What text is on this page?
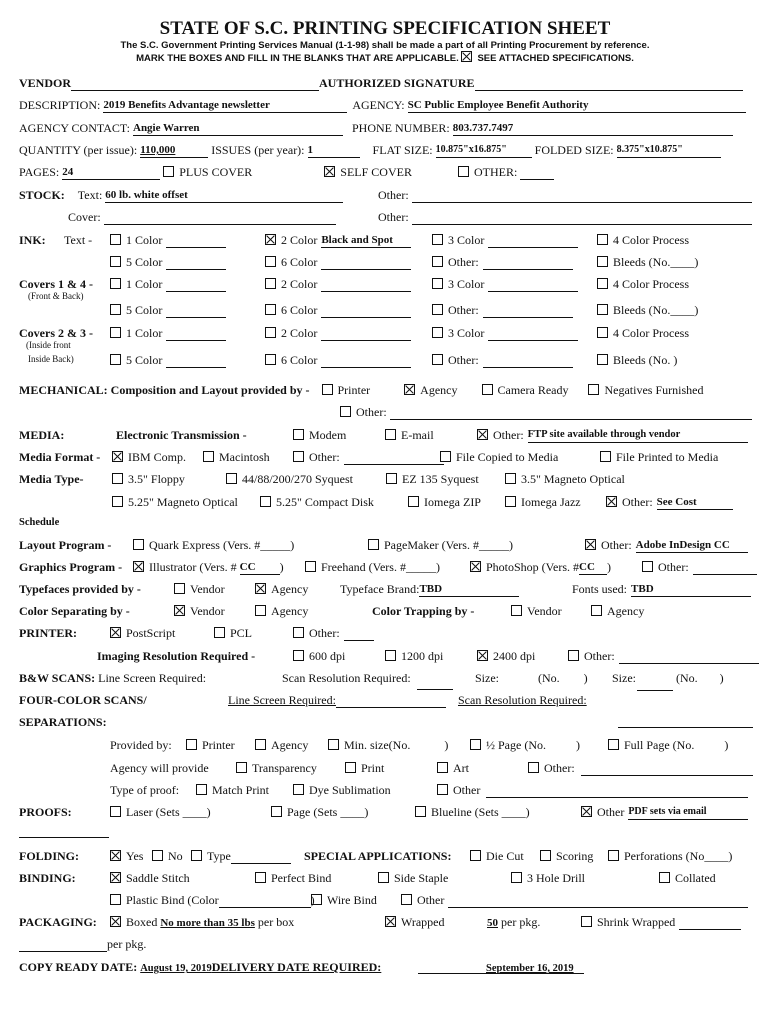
STATE OF S.C. PRINTING SPECIFICATION SHEET
The S.C. Government Printing Services Manual (1-1-98) shall be made a part of all Printing Procurement by reference.
MARK THE BOXES AND FILL IN THE BLANKS THAT ARE APPLICABLE. SEE ATTACHED SPECIFICATIONS.
VENDOR	AUTHORIZED SIGNATURE
DESCRIPTION: 2019 Benefits Advantage newsletter	AGENCY: SC Public Employee Benefit Authority
AGENCY CONTACT: Angie Warren	PHONE NUMBER: 803.737.7497
QUANTITY (per issue): 110,000	ISSUES (per year): 1	FLAT SIZE: 10.875"x16.875" FOLDED SIZE: 8.375"x10.875"
PAGES: 24	PLUS COVER	SELF COVER	OTHER:
STOCK: Text: 60 lb. white offset	Other:
Cover:	Other:
INK: Text -	1 Color	2 Color Black and Spot	3 Color	4 Color Process
5 Color	6 Color	Other:	Bleeds (No.____)
Covers 1 & 4 -
(Front & Back)
1 Color	2 Color	3 Color	4 Color Process
5 Color	6 Color	Other:	Bleeds (No.____)
Covers 2 & 3 -
(Inside front
Inside Back)
1 Color	2 Color	3 Color	4 Color Process
5 Color	6 Color	Other:	Bleeds (No. )
MECHANICAL: Composition and Layout provided by - Printer	Agency	Camera Ready	Negatives Furnished
Other:
MEDIA:	Electronic Transmission -	Modem	E-mail	Other: FTP site available through vendor
Media Format -	IBM Comp.	Macintosh	Other:	File Copied to Media	File Printed to Media
Media Type-	3.5" Floppy	44/88/200/270 Syquest	EZ 135 Syquest	3.5" Magneto Optical
5.25" Magneto Optical	5.25" Compact Disk	Iomega ZIP	Iomega Jazz	Other: See Cost
Schedule
Layout Program -	Quark Express (Vers. #_____)	PageMaker (Vers. #_____)	Other: Adobe InDesign CC
Graphics Program -	Illustrator (Vers. # CC )	Freehand (Vers. #_____)	PhotoShop (Vers. #CC )	Other:
Typefaces provided by -	Vendor	Agency	Typeface Brand:TBD	Fonts used: TBD
Color Separating by -	Vendor	Agency	Color Trapping by -	Vendor	Agency
PRINTER:	PostScript	PCL	Other:
Imaging Resolution Required -	600 dpi	1200 dpi	2400 dpi	Other:
B&W SCANS: Line Screen Required:	Scan Resolution Required:	Size:	(No. ) Size:	(No. )
FOUR-COLOR SCANS/	Line Screen Required:	Scan Resolution Required:
SEPARATIONS:
Provided by:	Printer	Agency	Min. size(No.	)	½ Page (No.	)	Full Page (No.	)
Agency will provide	Transparency	Print	Art	Other:
Type of proof:	Match Print	Dye Sublimation	Other
PROOFS:	Laser (Sets ____)	Page (Sets ____)	Blueline (Sets ____)	Other PDF sets via email
FOLDING:	Yes	No	Type	SPECIAL APPLICATIONS:	Die Cut	Scoring	Perforations (No____)
BINDING:	Saddle Stitch	Perfect Bind	Side Staple	3 Hole Drill	Collated
Plastic Bind (Color	)	Wire Bind	Other
PACKAGING:	Boxed No more than 35 lbs per box	Wrapped	50 per pkg.	Shrink Wrapped
per pkg.
COPY READY DATE: August 19, 2019DELIVERY DATE REQUIRED:	September 16, 2019
